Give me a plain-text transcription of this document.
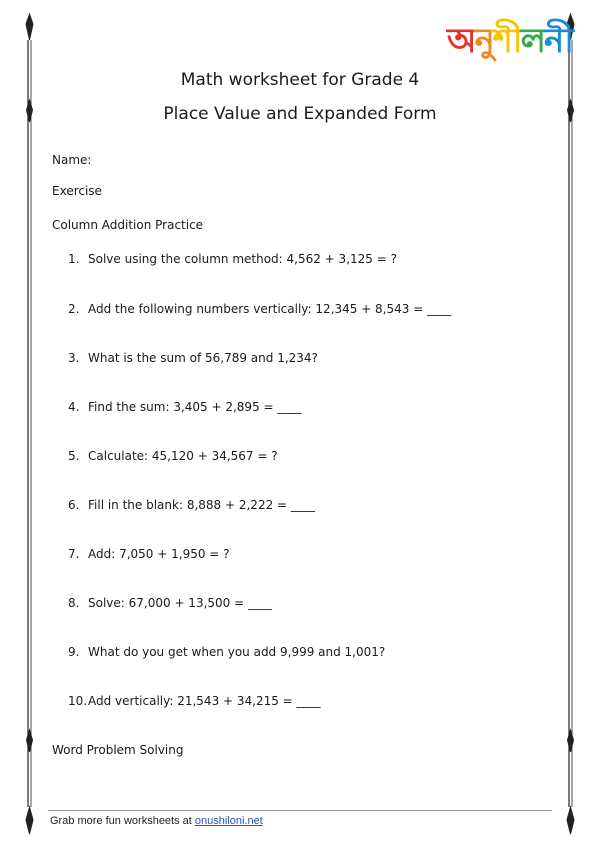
অনুশীলনী
Math worksheet for Grade 4
Place Value and Expanded Form
Name:
Exercise
Column Addition Practice
1. Solve using the column method: 4,562 + 3,125 = ?
2. Add the following numbers vertically: 12,345 + 8,543 = ____
3. What is the sum of 56,789 and 1,234?
4. Find the sum: 3,405 + 2,895 = ____
5. Calculate: 45,120 + 34,567 = ?
6. Fill in the blank: 8,888 + 2,222 = ____
7. Add: 7,050 + 1,950 = ?
8. Solve: 67,000 + 13,500 = ____
9. What do you get when you add 9,999 and 1,001?
10.Add vertically: 21,543 + 34,215 = ____
Word Problem Solving
Grab more fun worksheets at onushiloni.net
